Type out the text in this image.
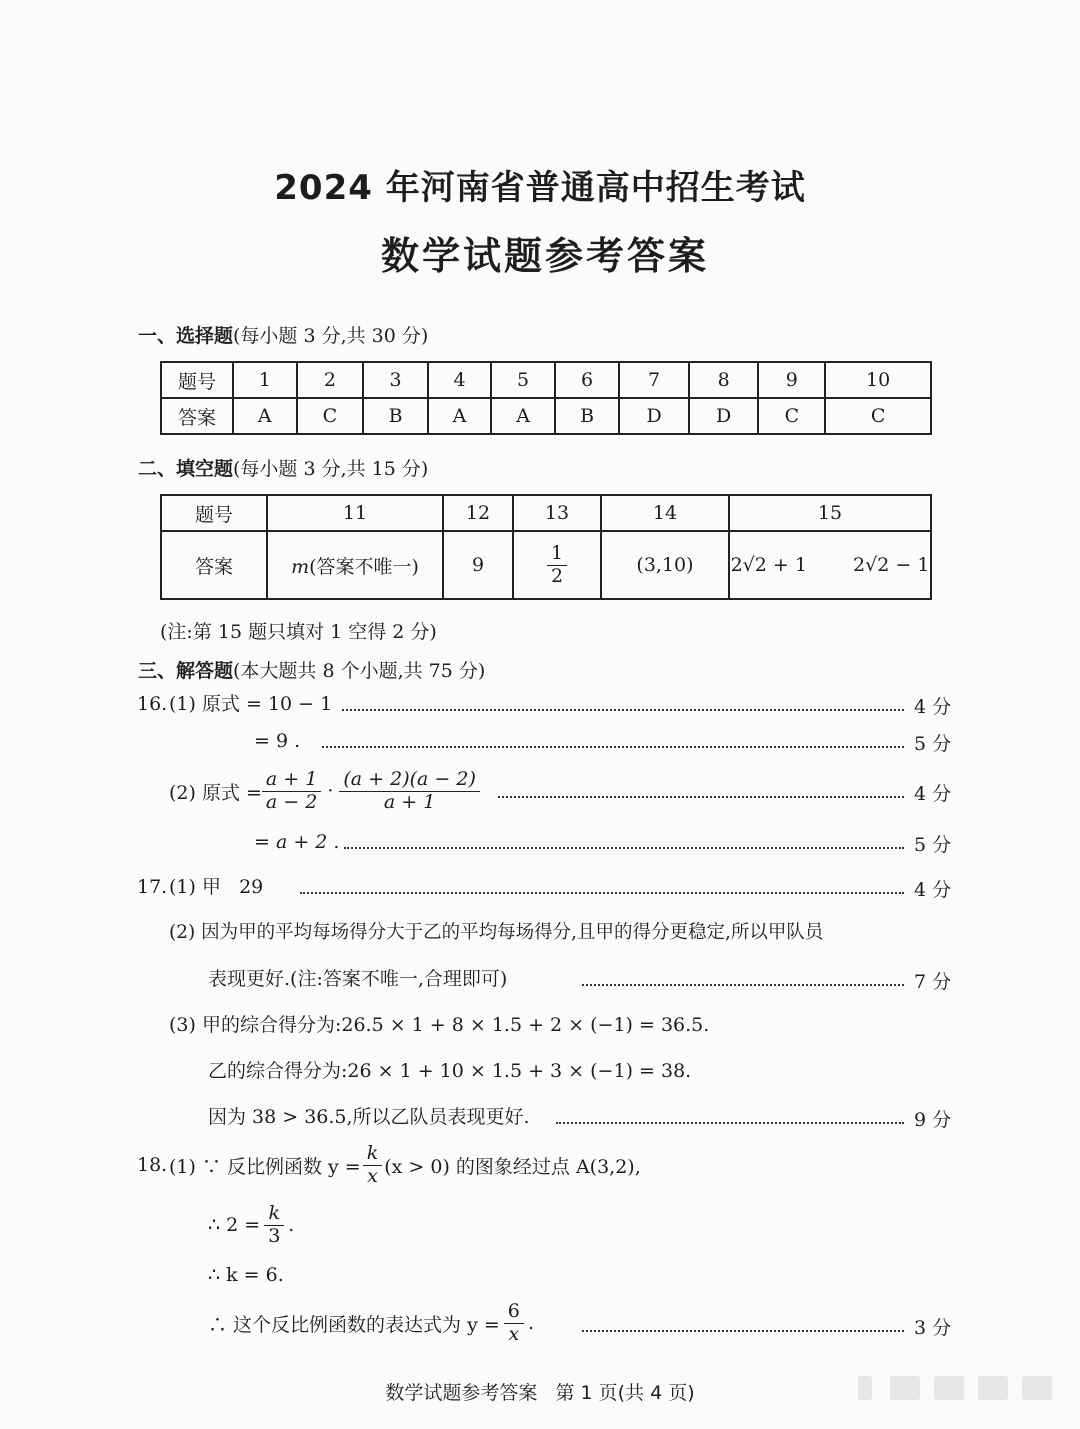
2024 年河南省普通高中招生考试
数学试题参考答案
一、选择题(每小题 3 分,共 30 分)
题号	1	2	3	4	5	6	7	8	9	10
答案	A	C	B	A	A	B	D	D	C	C
二、填空题(每小题 3 分,共 15 分)
题号	11	12	13	14	15
答案	m(答案不唯一)	9	$\frac{1}{2}$	(3,10)	2√2 + 1 2√2 − 1
(注:第 15 题只填对 1 空得 2 分)
三、解答题(本大题共 8 个小题,共 75 分)
16. (1) 原式 = 10 − 1	4 分
= 9 .	5 分
(2) 原式 = $\frac{a + 1}{a - 2} \cdot \frac{(a + 2)(a - 2)}{a + 1}$	4 分
= a + 2 .	5 分
17. (1) 甲   29	4 分
(2) 因为甲的平均每场得分大于乙的平均每场得分,且甲的得分更稳定,所以甲队员
表现更好.(注:答案不唯一,合理即可)	7 分
(3) 甲的综合得分为:26.5 × 1 + 8 × 1.5 + 2 × (−1) = 36.5.
乙的综合得分为:26 × 1 + 10 × 1.5 + 3 × (−1) = 38.
因为 38 > 36.5,所以乙队员表现更好.	9 分
18. (1) ∵ 反比例函数 $y = \frac{k}{x} (x > 0)$ 的图象经过点 A(3,2),
∴ $2 = \frac{k}{3}$ .
∴ k = 6.
∴ 这个反比例函数的表达式为 $y = \frac{6}{x}$ .	3 分
数学试题参考答案   第 1 页(共 4 页)
